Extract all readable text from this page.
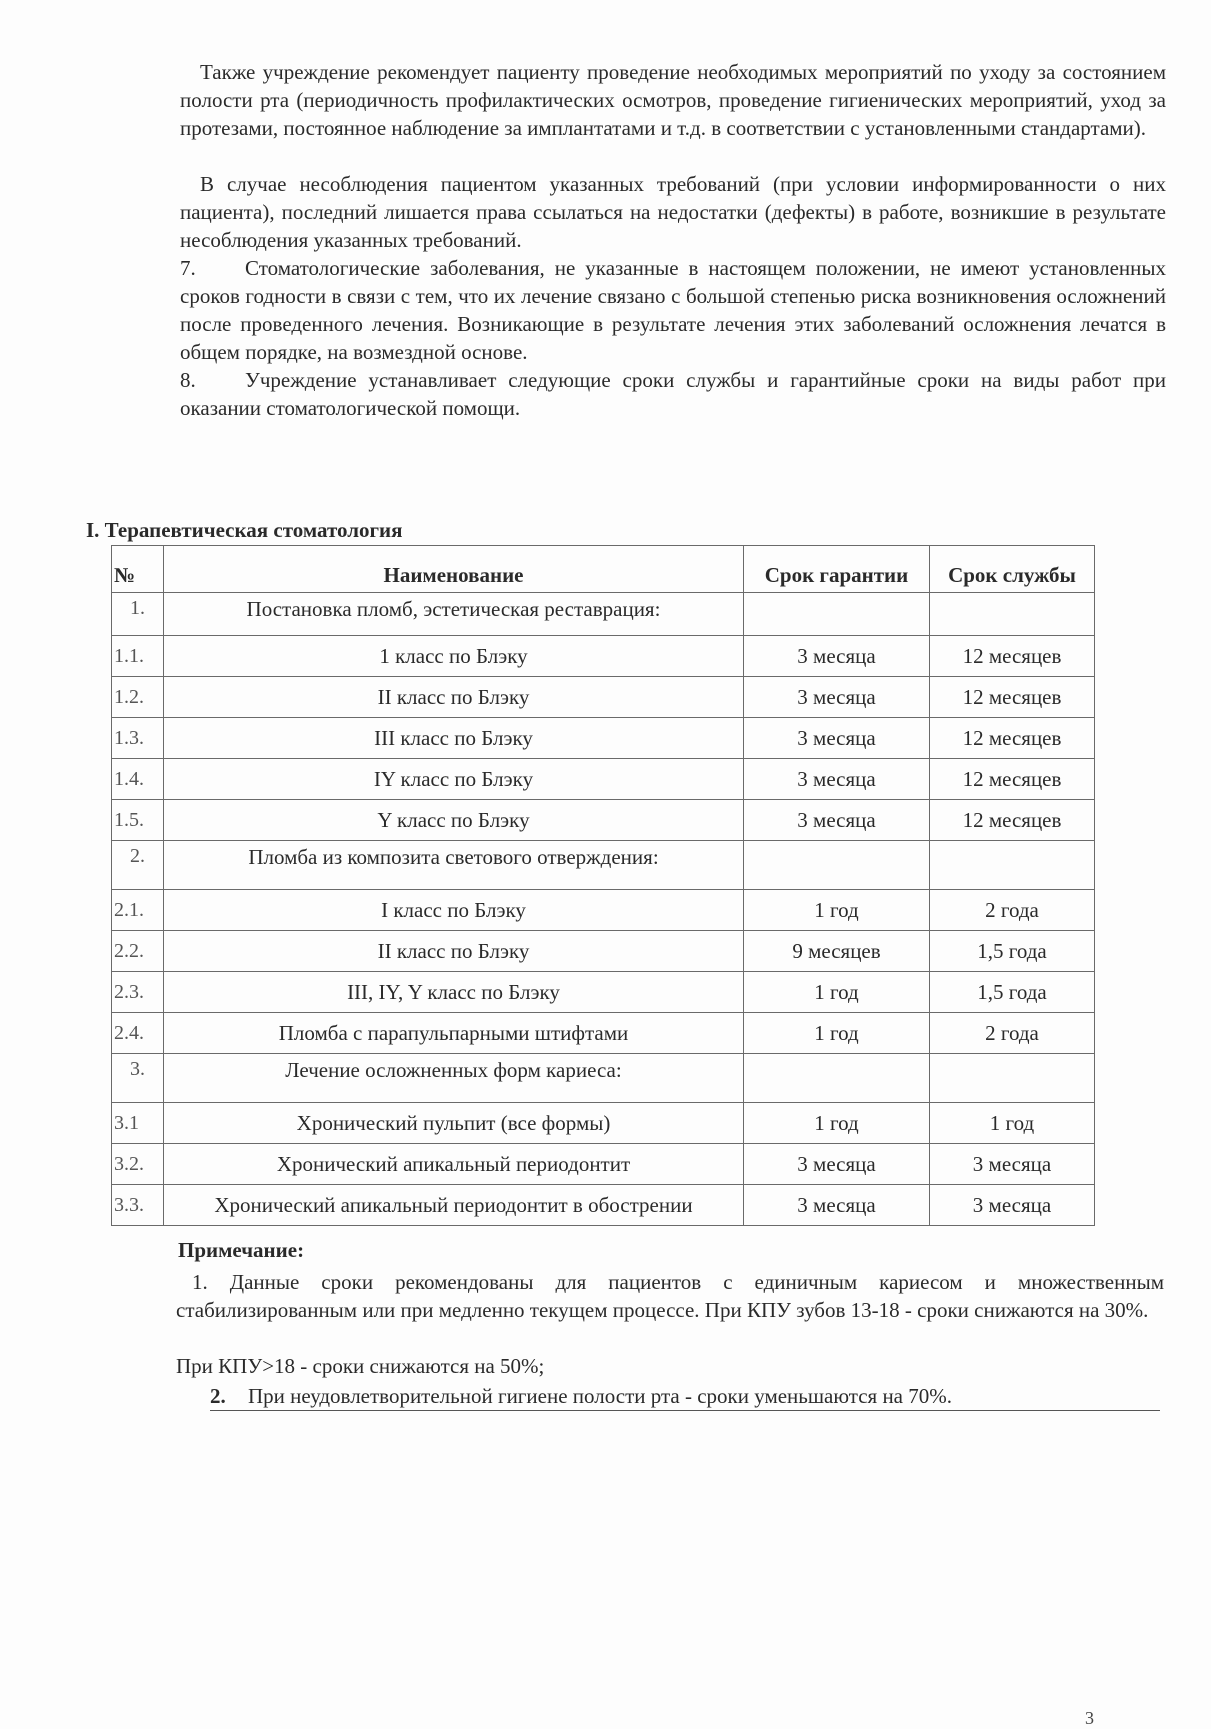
Также учреждение рекомендует пациенту проведение необходимых мероприятий по уходу за состоянием полости рта (периодичность профилактических осмотров, проведение гигиенических мероприятий, уход за протезами, постоянное наблюдение за имплантатами и т.д. в соответствии с установленными стандартами).

В случае несоблюдения пациентом указанных требований (при условии информированности о них пациента), последний лишается права ссылаться на недостатки (дефекты) в работе, возникшие в результате несоблюдения указанных требований.

7. Стоматологические заболевания, не указанные в настоящем положении, не имеют установленных сроков годности в связи с тем, что их лечение связано с большой степенью риска возникновения осложнений после проведенного лечения. Возникающие в результате лечения этих заболеваний осложнения лечатся в общем порядке, на возмездной основе.

8. Учреждение устанавливает следующие сроки службы и гарантийные сроки на виды работ при оказании стоматологической помощи.

I. Терапевтическая стоматология
№	Наименование	Срок гарантии	Срок службы
1.	Постановка пломб, эстетическая реставрация:		
1.1.	1 класс по Блэку	3 месяца	12 месяцев
1.2.	II класс по Блэку	3 месяца	12 месяцев
1.3.	III класс по Блэку	3 месяца	12 месяцев
1.4.	IY класс по Блэку	3 месяца	12 месяцев
1.5.	Y класс по Блэку	3 месяца	12 месяцев
2.	Пломба из композита светового отверждения:		
2.1.	I класс по Блэку	1 год	2 года
2.2.	II класс по Блэку	9 месяцев	1,5 года
2.3.	III, IY, Y класс по Блэку	1 год	1,5 года
2.4.	Пломба с парапульпарными штифтами	1 год	2 года
3.	Лечение осложненных форм кариеса:		
3.1	Хронический пульпит (все формы)	1 год	1 год
3.2.	Хронический апикальный периодонтит	3 месяца	3 месяца
3.3.	Хронический апикальный периодонтит в обострении	3 месяца	3 месяца
Примечание:

1. Данные сроки рекомендованы для пациентов с единичным кариесом и множественным стабилизированным или при медленно текущем процессе. При КПУ зубов 13-18 - сроки снижаются на 30%.

При КПУ>18 - сроки снижаются на 50%;

2. При неудовлетворительной гигиене полости рта - сроки уменьшаются на 70%.

3
